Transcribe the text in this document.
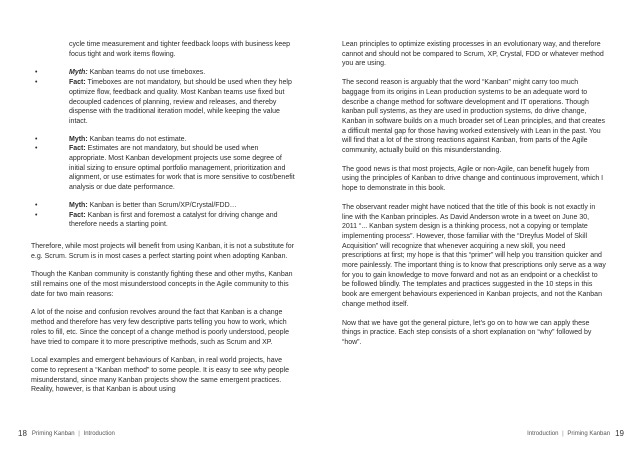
cycle time measurement and tighter feedback loops with business keep focus tight and work items flowing.

• Myth: Kanban teams do not use timeboxes.
• Fact: Timeboxes are not mandatory, but should be used when they help optimize flow, feedback and quality. Most Kanban teams use fixed but decoupled cadences of planning, review and releases, and thereby dispense with the traditional iteration model, while keeping the value intact.
• Myth: Kanban teams do not estimate.
• Fact: Estimates are not mandatory, but should be used when appropriate. Most Kanban development projects use some degree of initial sizing to ensure optimal portfolio management, prioritization and alignment, or use estimates for work that is more sensitive to cost/benefit analysis or due date performance.
• Myth: Kanban is better than Scrum/XP/Crystal/FDD…
• Fact: Kanban is first and foremost a catalyst for driving change and therefore needs a starting point.

Therefore, while most projects will benefit from using Kanban, it is not a substitute for e.g. Scrum. Scrum is in most cases a perfect starting point when adopting Kanban.

Though the Kanban community is constantly fighting these and other myths, Kanban still remains one of the most misunderstood concepts in the Agile community to this date for two main reasons:

A lot of the noise and confusion revolves around the fact that Kanban is a change method and therefore has very few descriptive parts telling you how to work, which roles to fill, etc. Since the concept of a change method is poorly understood, people have tried to compare it to more prescriptive methods, such as Scrum and XP.

Local examples and emergent behaviours of Kanban, in real world projects, have come to represent a “Kanban method” to some people. It is easy to see why people misunderstand, since many Kanban projects show the same emergent practices. Reality, however, is that Kanban is about using

18 Priming Kanban | Introduction

Lean principles to optimize existing processes in an evolutionary way, and therefore cannot and should not be compared to Scrum, XP, Crystal, FDD or whatever method you are using.

The second reason is arguably that the word “Kanban” might carry too much baggage from its origins in Lean production systems to be an adequate word to describe a change method for software development and IT operations. Though kanban pull systems, as they are used in production systems, do drive change, Kanban in software builds on a much broader set of Lean principles, and that creates a difficult mental gap for those having worked extensively with Lean in the past. You will find that a lot of the strong reactions against Kanban, from parts of the Agile community, actually build on this misunderstanding.

The good news is that most projects, Agile or non-Agile, can benefit hugely from using the principles of Kanban to drive change and continuous improvement, which I hope to demonstrate in this book.

The observant reader might have noticed that the title of this book is not exactly in line with the Kanban principles. As David Anderson wrote in a tweet on June 30, 2011 “... Kanban system design is a thinking process, not a copying or template implementing process”. However, those familiar with the “Dreyfus Model of Skill Acquisition” will recognize that whenever acquiring a new skill, you need prescriptions at first; my hope is that this “primer” will help you transition quicker and more painlessly. The important thing is to know that prescriptions only serve as a way for you to gain knowledge to move forward and not as an endpoint or a checklist to be followed blindly. The templates and practices suggested in the 10 steps in this book are emergent behaviours experienced in Kanban projects, and not the Kanban change method itself.

Now that we have got the general picture, let’s go on to how we can apply these things in practice. Each step consists of a short explanation on “why” followed by “how”.

Introduction | Priming Kanban 19
